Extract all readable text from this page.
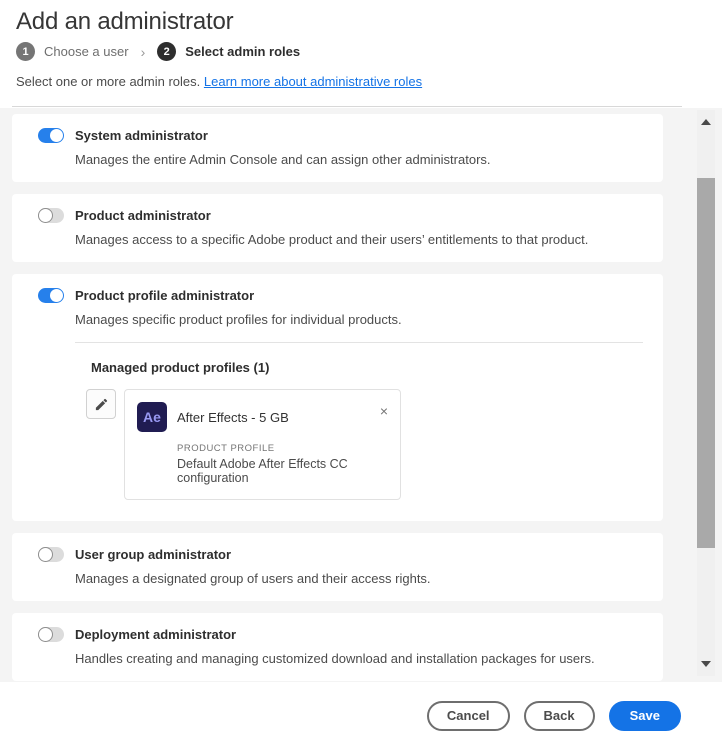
Add an administrator
1	Choose a user ›	2	Select admin roles
Select one or more admin roles. Learn more about administrative roles
System administrator
Manages the entire Admin Console and can assign other administrators.
Product administrator
Manages access to a specific Adobe product and their users’ entitlements to that product.
Product profile administrator
Manages specific product profiles for individual products.
Managed product profiles (1)
Ae	After Effects - 5 GB	×
PRODUCT PROFILE
Default Adobe After Effects CC configuration
User group administrator
Manages a designated group of users and their access rights.
Deployment administrator
Handles creating and managing customized download and installation packages for users.
Cancel	Back	Save
